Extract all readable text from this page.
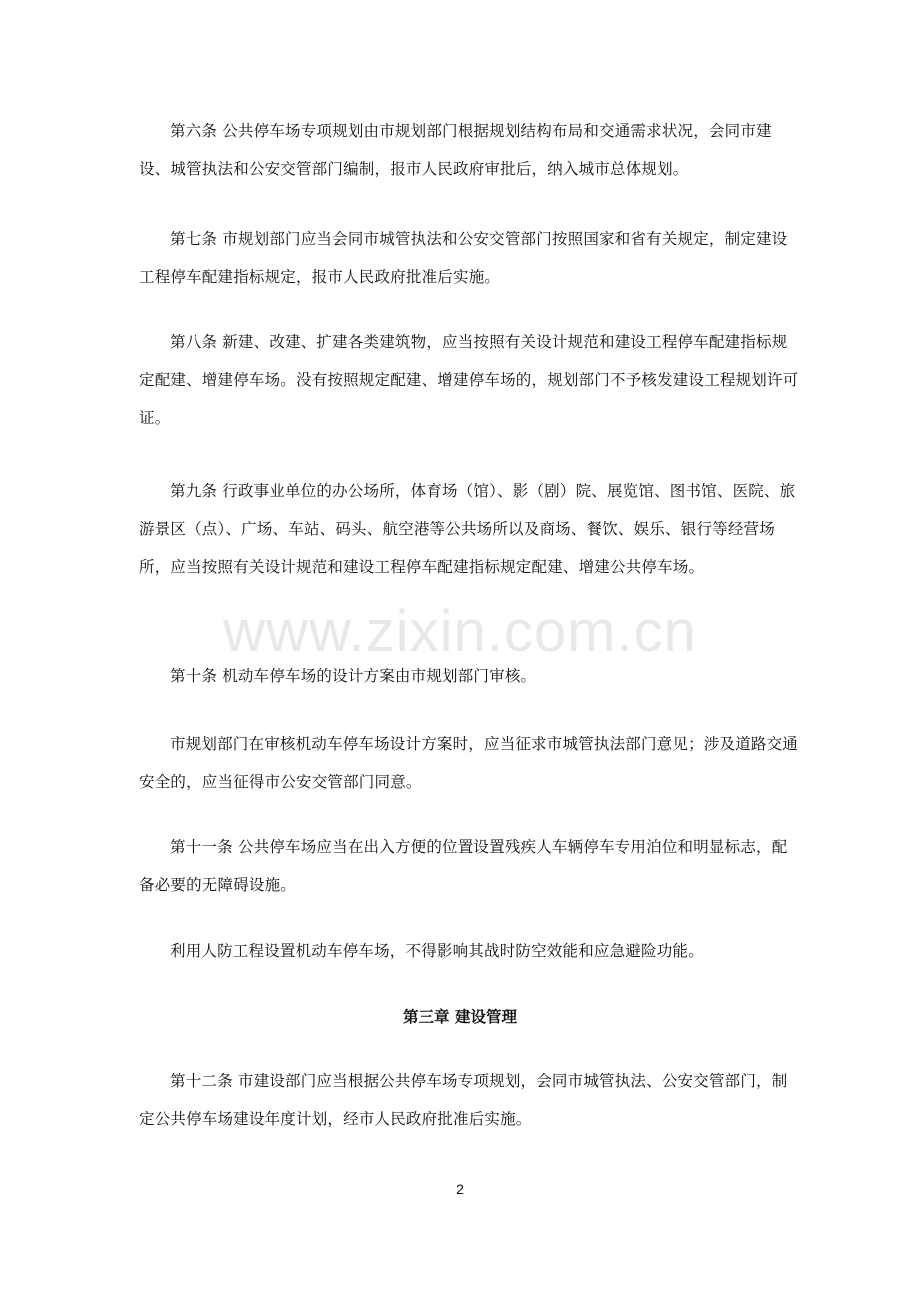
第六条 公共停车场专项规划由市规划部门根据规划结构布局和交通需求状况，会同市建设、城管执法和公安交管部门编制，报市人民政府审批后，纳入城市总体规划。

第七条 市规划部门应当会同市城管执法和公安交管部门按照国家和省有关规定，制定建设工程停车配建指标规定，报市人民政府批准后实施。

第八条 新建、改建、扩建各类建筑物，应当按照有关设计规范和建设工程停车配建指标规定配建、增建停车场。没有按照规定配建、增建停车场的，规划部门不予核发建设工程规划许可证。

第九条 行政事业单位的办公场所，体育场（馆）、影（剧）院、展览馆、图书馆、医院、旅游景区（点）、广场、车站、码头、航空港等公共场所以及商场、餐饮、娱乐、银行等经营场所，应当按照有关设计规范和建设工程停车配建指标规定配建、增建公共停车场。

第十条 机动车停车场的设计方案由市规划部门审核。

市规划部门在审核机动车停车场设计方案时，应当征求市城管执法部门意见；涉及道路交通安全的，应当征得市公安交管部门同意。

第十一条 公共停车场应当在出入方便的位置设置残疾人车辆停车专用泊位和明显标志，配备必要的无障碍设施。

利用人防工程设置机动车停车场，不得影响其战时防空效能和应急避险功能。

第三章 建设管理

第十二条 市建设部门应当根据公共停车场专项规划，会同市城管执法、公安交管部门，制定公共停车场建设年度计划，经市人民政府批准后实施。

www.zixin.com.cn
2
